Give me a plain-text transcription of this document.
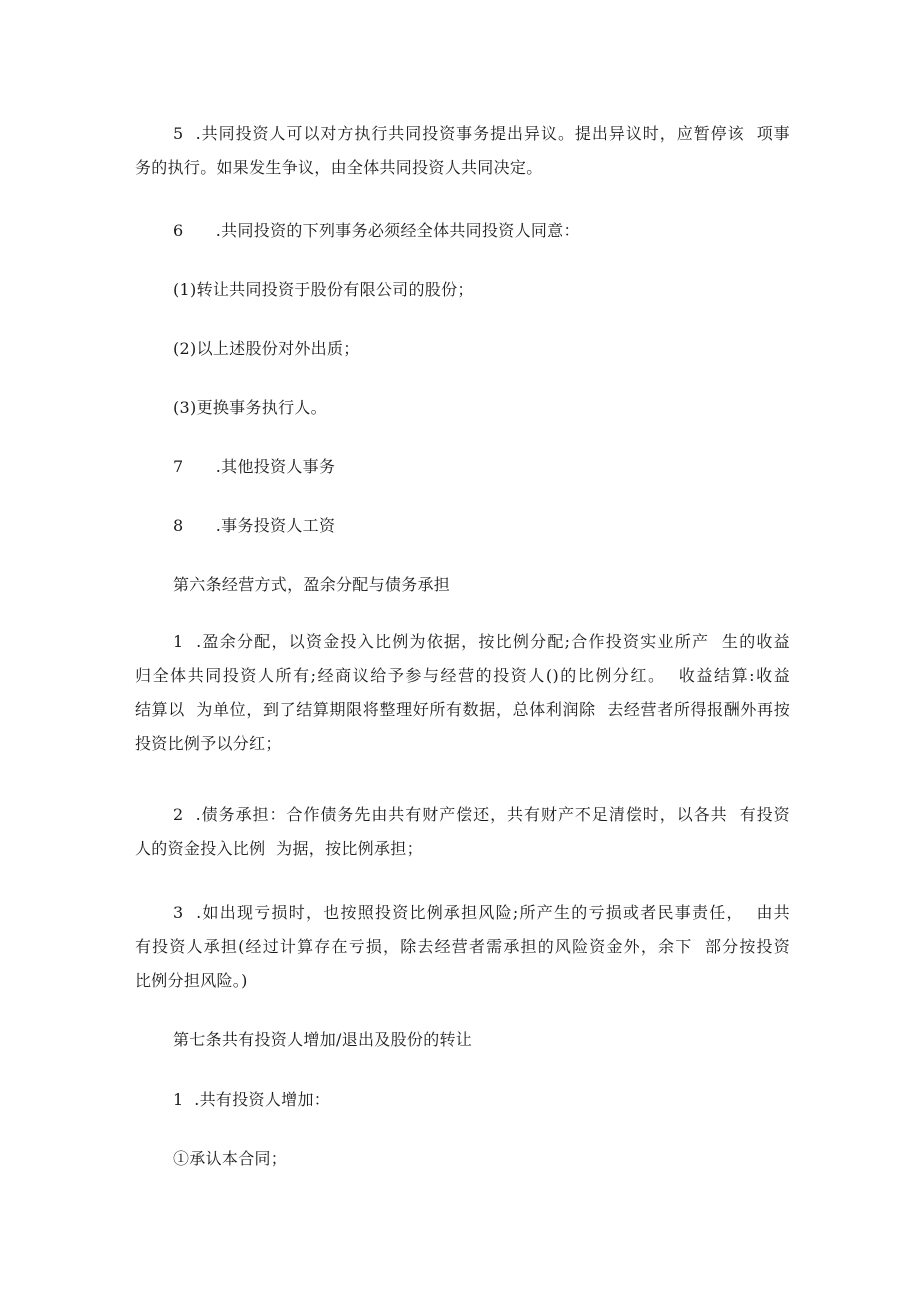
5  .共同投资人可以对方执行共同投资事务提出异议。提出异议时，应暂停该  项事
务的执行。如果发生争议，由全体共同投资人共同决定。
6      .共同投资的下列事务必须经全体共同投资人同意：
(1)转让共同投资于股份有限公司的股份；
(2)以上述股份对外出质；
(3)更换事务执行人。
7      .其他投资人事务
8      .事务投资人工资
第六条经营方式，盈余分配与债务承担
1  .盈余分配，以资金投入比例为依据，按比例分配;合作投资实业所产  生的收益
归全体共同投资人所有;经商议给予参与经营的投资人()的比例分红。  收益结算:收益
结算以  为单位，到了结算期限将整理好所有数据，总体利润除  去经营者所得报酬外再按
投资比例予以分红；
2  .债务承担：合作债务先由共有财产偿还，共有财产不足清偿时，以各共  有投资
人的资金投入比例  为据，按比例承担；
3  .如出现亏损时，也按照投资比例承担风险;所产生的亏损或者民事责任，  由共
有投资人承担(经过计算存在亏损，除去经营者需承担的风险资金外，余下  部分按投资
比例分担风险。)
第七条共有投资人增加/退出及股份的转让
1  .共有投资人增加：
①承认本合同；
